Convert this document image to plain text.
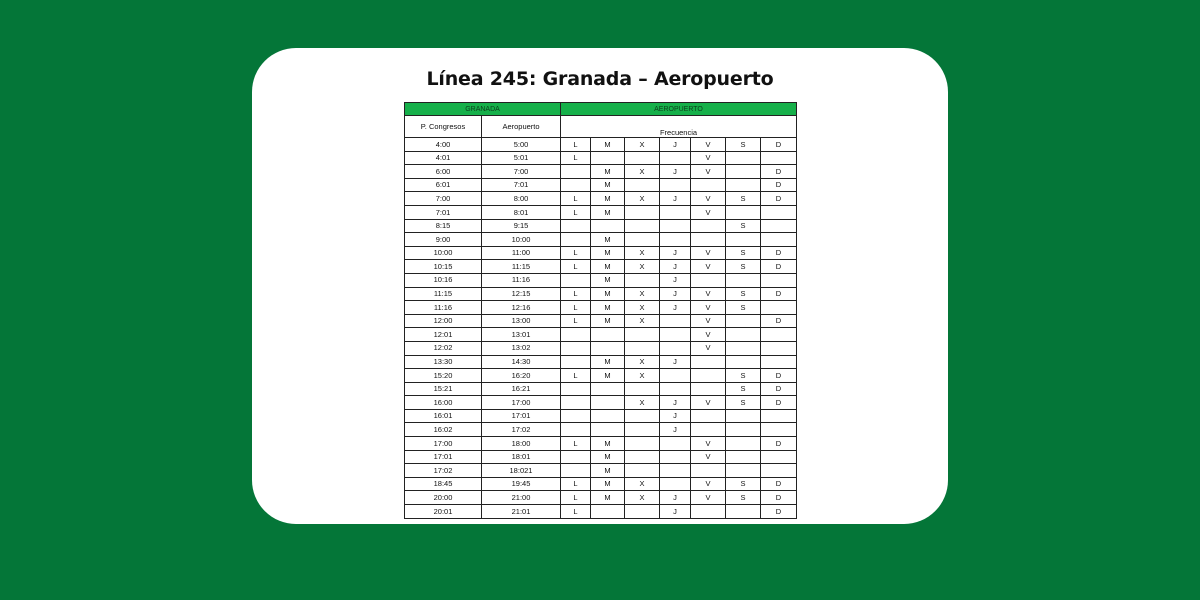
Línea 245: Granada – Aeropuerto
GRANADA		AEROPUERTO						
P. Congresos	Aeropuerto	Frecuencia						
4:00	5:00	L	M	X	J	V	S	D
4:01	5:01	L				V		
6:00	7:00		M	X	J	V		D
6:01	7:01		M					D
7:00	8:00	L	M	X	J	V	S	D
7:01	8:01	L	M			V		
8:15	9:15						S	
9:00	10:00		M					
10:00	11:00	L	M	X	J	V	S	D
10:15	11:15	L	M	X	J	V	S	D
10:16	11:16		M		J			
11:15	12:15	L	M	X	J	V	S	D
11:16	12:16	L	M	X	J	V	S	
12:00	13:00	L	M	X		V		D
12:01	13:01					V		
12:02	13:02					V		
13:30	14:30		M	X	J			
15:20	16:20	L	M	X			S	D
15:21	16:21						S	D
16:00	17:00			X	J	V	S	D
16:01	17:01				J			
16:02	17:02				J			
17:00	18:00	L	M			V		D
17:01	18:01		M			V		
17:02	18:021		M					
18:45	19:45	L	M	X		V	S	D
20:00	21:00	L	M	X	J	V	S	D
20:01	21:01	L			J			D
